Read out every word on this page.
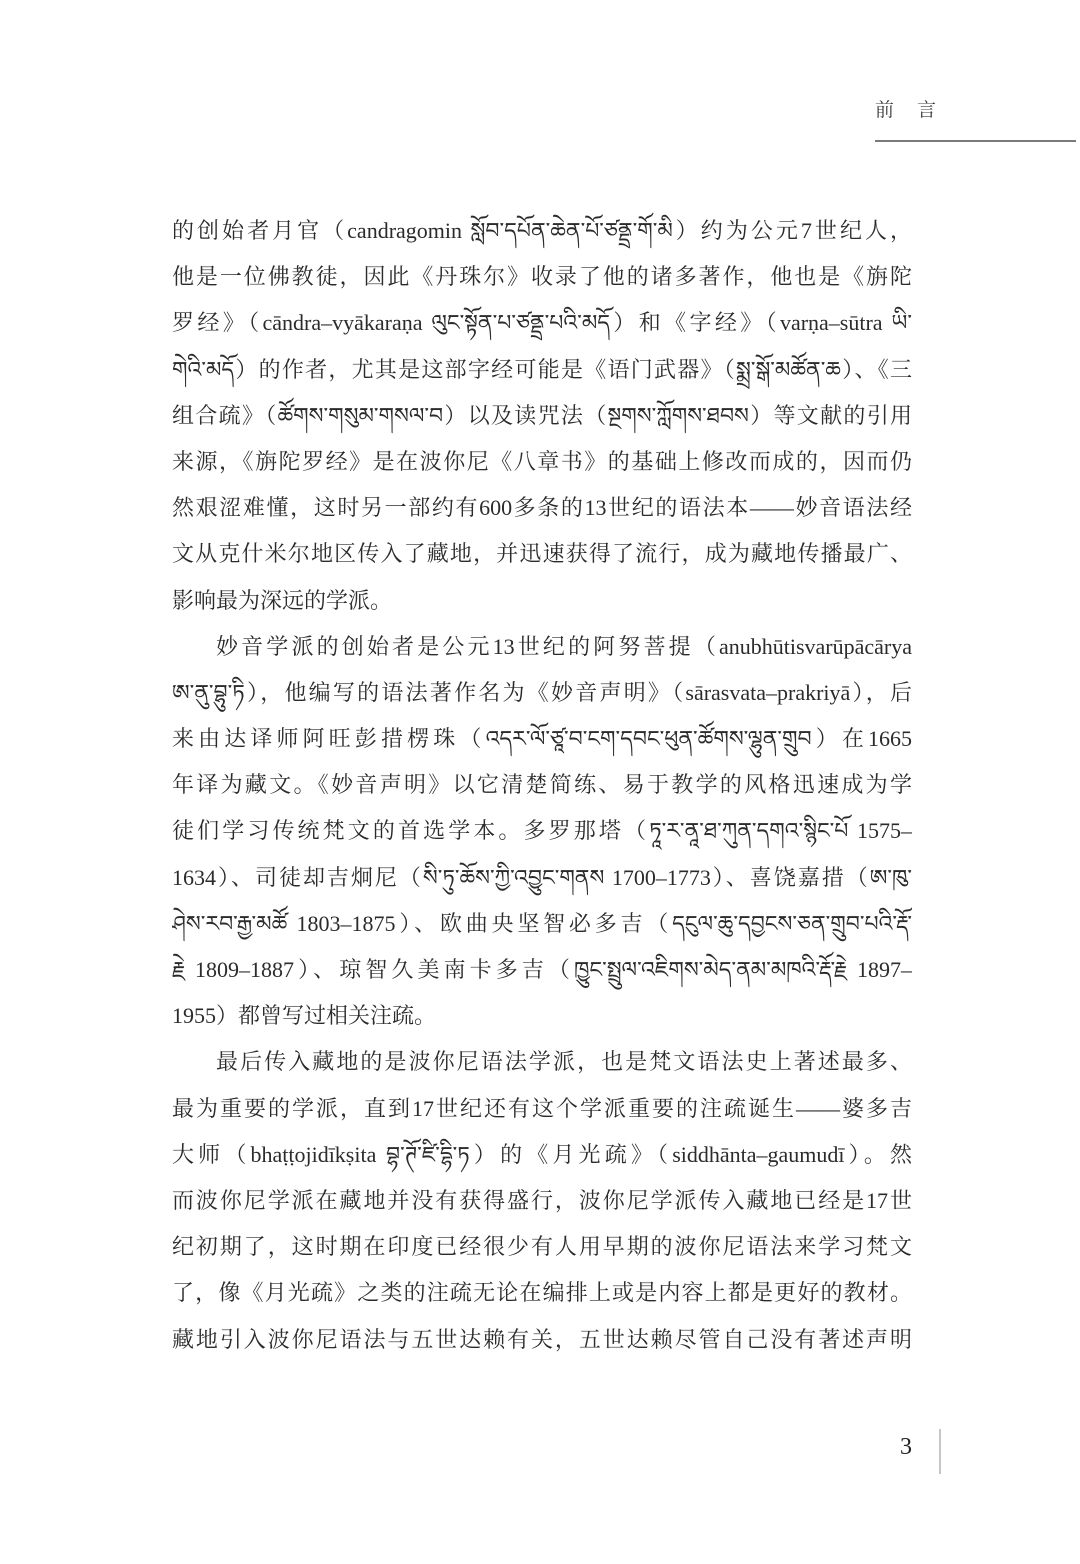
前　言
的创始者月官（candragomin སློབ་དཔོན་ཆེན་པོ་ཙནྡྲ་གོ་མི）约为公元7世纪人，
他是一位佛教徒，因此《丹珠尔》收录了他的诸多著作，他也是《旃陀
罗经》（cāndra–vyākaraṇa ལུང་སྟོན་པ་ཙནྡྲ་པའི་མདོ）和《字经》（varṇa–sūtra ཡི་
གེའི་མདོ）的作者，尤其是这部字经可能是《语门武器》（སྨྲ་སྒོ་མཚོན་ཆ）、《三
组合疏》（ཚོགས་གསུམ་གསལ་བ）以及读咒法（སྔགས་ཀློགས་ཐབས）等文献的引用
来源，《旃陀罗经》是在波你尼《八章书》的基础上修改而成的，因而仍
然艰涩难懂，这时另一部约有600多条的13世纪的语法本——妙音语法经
文从克什米尔地区传入了藏地，并迅速获得了流行，成为藏地传播最广、
影响最为深远的学派。
妙音学派的创始者是公元13世纪的阿努菩提（anubhūtisvarūpācārya
ཨ་ནུ་བྷུ་ཏི），他编写的语法著作名为《妙音声明》（sārasvata–prakriyā），后
来由达译师阿旺彭措楞珠（འདར་ལོ་ཙཱ་བ་ངག་དབང་ཕུན་ཚོགས་ལྷུན་གྲུབ）在1665
年译为藏文。《妙音声明》以它清楚简练、易于教学的风格迅速成为学
徒们学习传统梵文的首选学本。多罗那塔（ཏཱ་ར་ནཱ་ཐ་ཀུན་དགའ་སྙིང་པོ 1575–
1634）、司徒却吉炯尼（སི་ཏུ་ཆོས་ཀྱི་འབྱུང་གནས 1700–1773）、喜饶嘉措（ཨ་ཁུ་
ཤེས་རབ་རྒྱ་མཚོ 1803–1875）、欧曲央坚智必多吉（དངུལ་ཆུ་དབྱངས་ཅན་གྲུབ་པའི་རྡོ་
རྗེ 1809–1887）、琼智久美南卡多吉（ཁྱུང་སྤྲུལ་འཇིགས་མེད་ནམ་མཁའི་རྡོ་རྗེ 1897–
1955）都曾写过相关注疏。
最后传入藏地的是波你尼语法学派，也是梵文语法史上著述最多、
最为重要的学派，直到17世纪还有这个学派重要的注疏诞生——婆多吉
大师（bhaṭṭojidīkṣita བྷ་ཊོ་ཛི་དྷི་ཏ）的《月光疏》（siddhānta–gaumudī）。然
而波你尼学派在藏地并没有获得盛行，波你尼学派传入藏地已经是17世
纪初期了，这时期在印度已经很少有人用早期的波你尼语法来学习梵文
了，像《月光疏》之类的注疏无论在编排上或是内容上都是更好的教材。
藏地引入波你尼语法与五世达赖有关，五世达赖尽管自己没有著述声明
3
